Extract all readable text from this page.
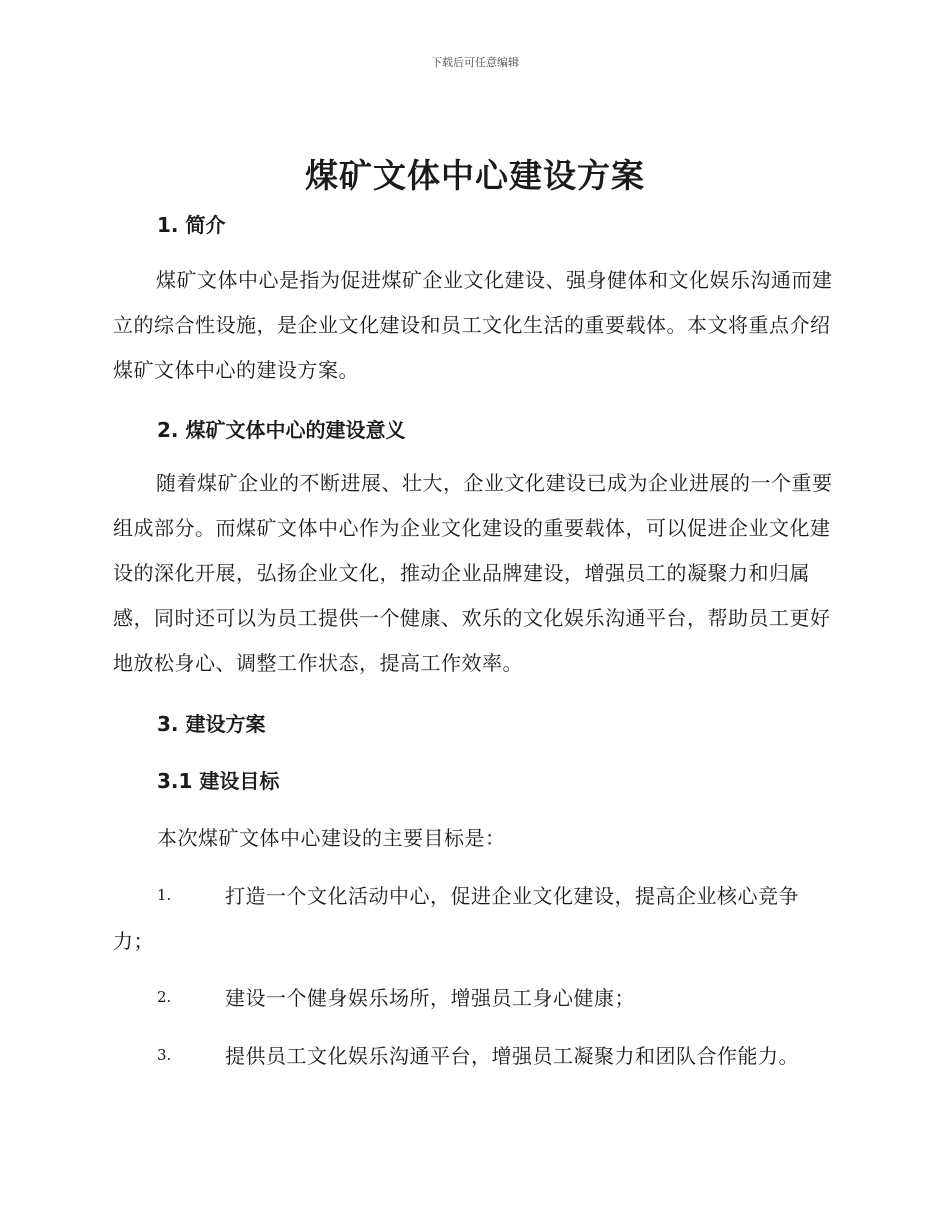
下载后可任意编辑
煤矿文体中心建设方案
1. 简介

煤矿文体中心是指为促进煤矿企业文化建设、强身健体和文化娱乐沟通而建立的综合性设施，是企业文化建设和员工文化生活的重要载体。本文将重点介绍煤矿文体中心的建设方案。

2. 煤矿文体中心的建设意义

随着煤矿企业的不断进展、壮大，企业文化建设已成为企业进展的一个重要组成部分。而煤矿文体中心作为企业文化建设的重要载体，可以促进企业文化建设的深化开展，弘扬企业文化，推动企业品牌建设，增强员工的凝聚力和归属感，同时还可以为员工提供一个健康、欢乐的文化娱乐沟通平台，帮助员工更好地放松身心、调整工作状态，提高工作效率。

3. 建设方案
3.1 建设目标

本次煤矿文体中心建设的主要目标是：

1.	打造一个文化活动中心，促进企业文化建设，提高企业核心竞争
力；
2.	建设一个健身娱乐场所，增强员工身心健康；
3.	提供员工文化娱乐沟通平台，增强员工凝聚力和团队合作能力。
